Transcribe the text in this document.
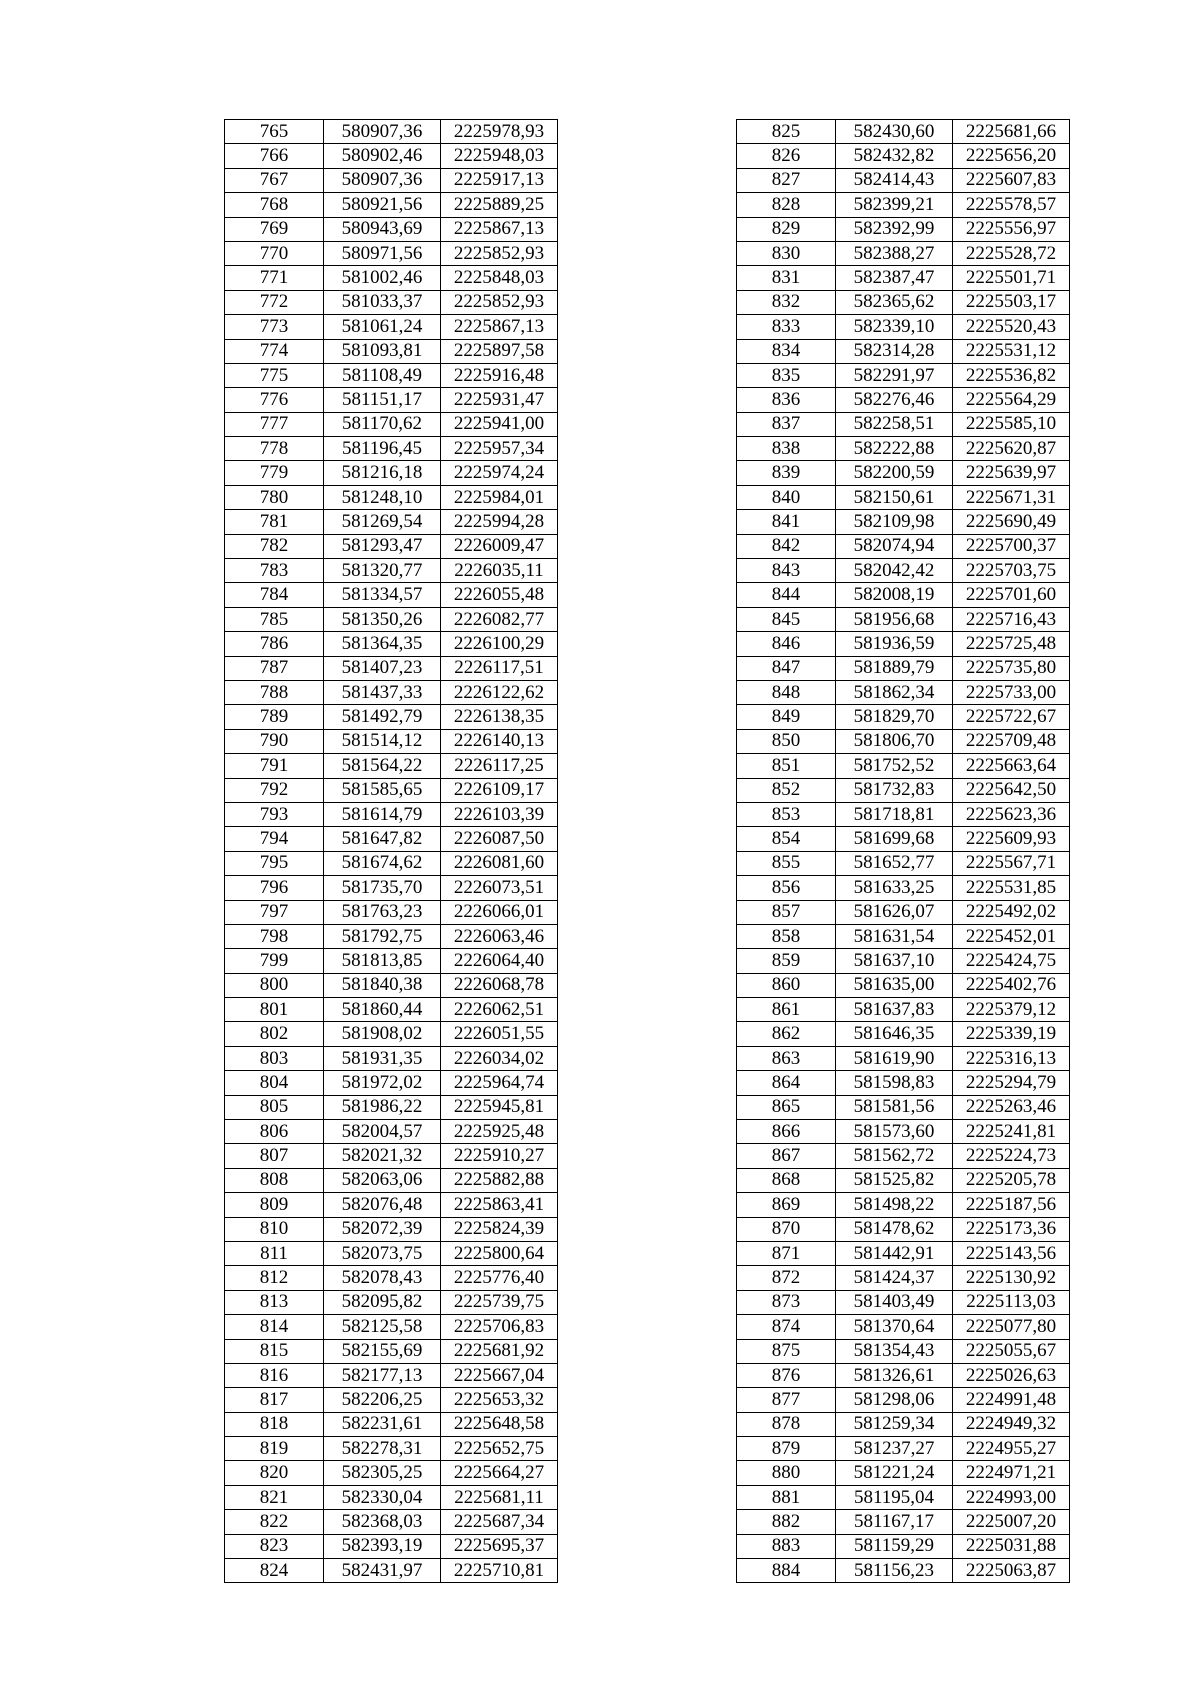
765	580907,36	2225978,93
766	580902,46	2225948,03
767	580907,36	2225917,13
768	580921,56	2225889,25
769	580943,69	2225867,13
770	580971,56	2225852,93
771	581002,46	2225848,03
772	581033,37	2225852,93
773	581061,24	2225867,13
774	581093,81	2225897,58
775	581108,49	2225916,48
776	581151,17	2225931,47
777	581170,62	2225941,00
778	581196,45	2225957,34
779	581216,18	2225974,24
780	581248,10	2225984,01
781	581269,54	2225994,28
782	581293,47	2226009,47
783	581320,77	2226035,11
784	581334,57	2226055,48
785	581350,26	2226082,77
786	581364,35	2226100,29
787	581407,23	2226117,51
788	581437,33	2226122,62
789	581492,79	2226138,35
790	581514,12	2226140,13
791	581564,22	2226117,25
792	581585,65	2226109,17
793	581614,79	2226103,39
794	581647,82	2226087,50
795	581674,62	2226081,60
796	581735,70	2226073,51
797	581763,23	2226066,01
798	581792,75	2226063,46
799	581813,85	2226064,40
800	581840,38	2226068,78
801	581860,44	2226062,51
802	581908,02	2226051,55
803	581931,35	2226034,02
804	581972,02	2225964,74
805	581986,22	2225945,81
806	582004,57	2225925,48
807	582021,32	2225910,27
808	582063,06	2225882,88
809	582076,48	2225863,41
810	582072,39	2225824,39
811	582073,75	2225800,64
812	582078,43	2225776,40
813	582095,82	2225739,75
814	582125,58	2225706,83
815	582155,69	2225681,92
816	582177,13	2225667,04
817	582206,25	2225653,32
818	582231,61	2225648,58
819	582278,31	2225652,75
820	582305,25	2225664,27
821	582330,04	2225681,11
822	582368,03	2225687,34
823	582393,19	2225695,37
824	582431,97	2225710,81
825	582430,60	2225681,66
826	582432,82	2225656,20
827	582414,43	2225607,83
828	582399,21	2225578,57
829	582392,99	2225556,97
830	582388,27	2225528,72
831	582387,47	2225501,71
832	582365,62	2225503,17
833	582339,10	2225520,43
834	582314,28	2225531,12
835	582291,97	2225536,82
836	582276,46	2225564,29
837	582258,51	2225585,10
838	582222,88	2225620,87
839	582200,59	2225639,97
840	582150,61	2225671,31
841	582109,98	2225690,49
842	582074,94	2225700,37
843	582042,42	2225703,75
844	582008,19	2225701,60
845	581956,68	2225716,43
846	581936,59	2225725,48
847	581889,79	2225735,80
848	581862,34	2225733,00
849	581829,70	2225722,67
850	581806,70	2225709,48
851	581752,52	2225663,64
852	581732,83	2225642,50
853	581718,81	2225623,36
854	581699,68	2225609,93
855	581652,77	2225567,71
856	581633,25	2225531,85
857	581626,07	2225492,02
858	581631,54	2225452,01
859	581637,10	2225424,75
860	581635,00	2225402,76
861	581637,83	2225379,12
862	581646,35	2225339,19
863	581619,90	2225316,13
864	581598,83	2225294,79
865	581581,56	2225263,46
866	581573,60	2225241,81
867	581562,72	2225224,73
868	581525,82	2225205,78
869	581498,22	2225187,56
870	581478,62	2225173,36
871	581442,91	2225143,56
872	581424,37	2225130,92
873	581403,49	2225113,03
874	581370,64	2225077,80
875	581354,43	2225055,67
876	581326,61	2225026,63
877	581298,06	2224991,48
878	581259,34	2224949,32
879	581237,27	2224955,27
880	581221,24	2224971,21
881	581195,04	2224993,00
882	581167,17	2225007,20
883	581159,29	2225031,88
884	581156,23	2225063,87
